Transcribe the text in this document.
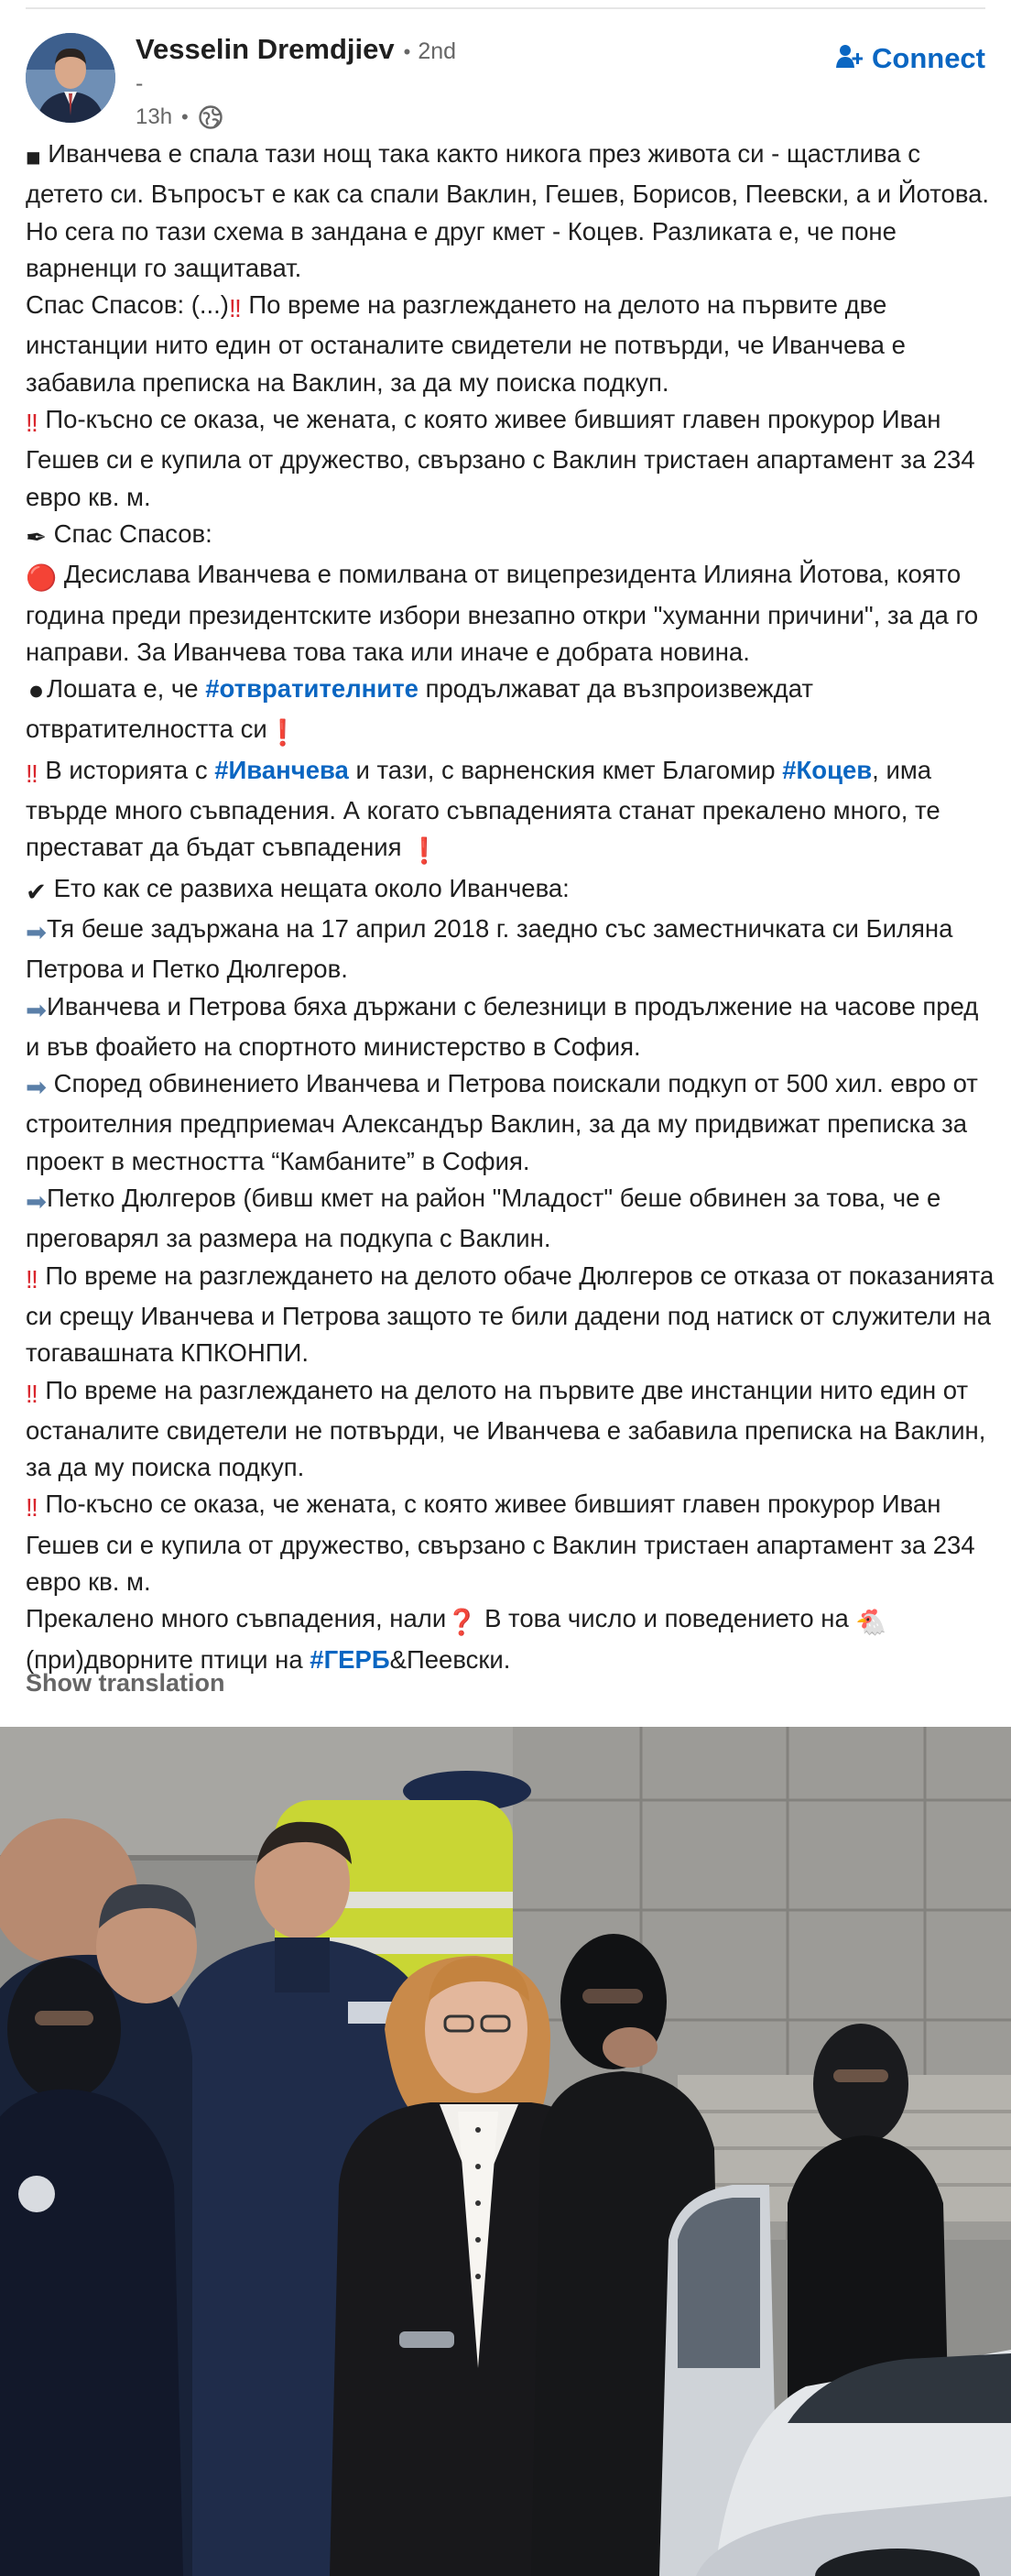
Vesselin Dremdjiev • 2nd
-
13h •
Connect

■ Иванчева е спала тази нощ така както никога през живота си - щастлива с детето си. Въпросът е как са спали Ваклин, Гешев, Борисов, Пеевски, а и Йотова. Но сега по тази схема в зандана е друг кмет - Коцев. Разликата е, че поне варненци го защитават.

Спас Спасов: (...)‼ По време на разглеждането на делото на първите две инстанции нито един от останалите свидетели не потвърди, че Иванчева е забавила преписка на Ваклин, за да му поиска подкуп.

‼ По-късно се оказа, че жената, с която живее бившият главен прокурор Иван Гешев си е купила от дружество, свързано с Ваклин тристаен апартамент за 234 евро кв. м.

✒ Спас Спасов:

🔴 Десислава Иванчева е помилвана от вицепрезидента Илияна Йотова, която година преди президентските избори внезапно откри "хуманни причини", за да го направи. За Иванчева това така или иначе е добрата новина.

⚫Лошата е, че #отвратителните продължават да възпроизвеждат отвратителността си❗

‼ В историята с #Иванчева и тази, с варненския кмет Благомир #Коцев, има твърде много съвпадения. А когато съвпаденията станат прекалено много, те престават да бъдат съвпадения ❗

✔ Ето как се развиха нещата около Иванчева:

➡Тя беше задържана на 17 април 2018 г. заедно със заместничката си Биляна Петрова и Петко Дюлгеров.

➡Иванчева и Петрова бяха държани с белезници в продължение на часове пред и във фоайето на спортното министерство в София.

➡ Според обвинението Иванчева и Петрова поискали подкуп от 500 хил. евро от строителния предприемач Александър Ваклин, за да му придвижат преписка за проект в местността “Камбаните” в София.

➡Петко Дюлгеров (бивш кмет на район "Младост" беше обвинен за това, че е преговарял за размера на подкупа с Ваклин.

‼ По време на разглеждането на делото обаче Дюлгеров се отказа от показанията си срещу Иванчева и Петрова защото те били дадени под натиск от служители на тогавашната КПКОНПИ.

‼ По време на разглеждането на делото на първите две инстанции нито един от останалите свидетели не потвърди, че Иванчева е забавила преписка на Ваклин, за да му поиска подкуп.

‼ По-късно се оказа, че жената, с която живее бившият главен прокурор Иван Гешев си е купила от дружество, свързано с Ваклин тристаен апартамент за 234 евро кв. м.

Прекалено много съвпадения, нали❓ В това число и поведението на 🐔 (при)дворните птици на #ГЕРБ&Пеевски.

Show translation
